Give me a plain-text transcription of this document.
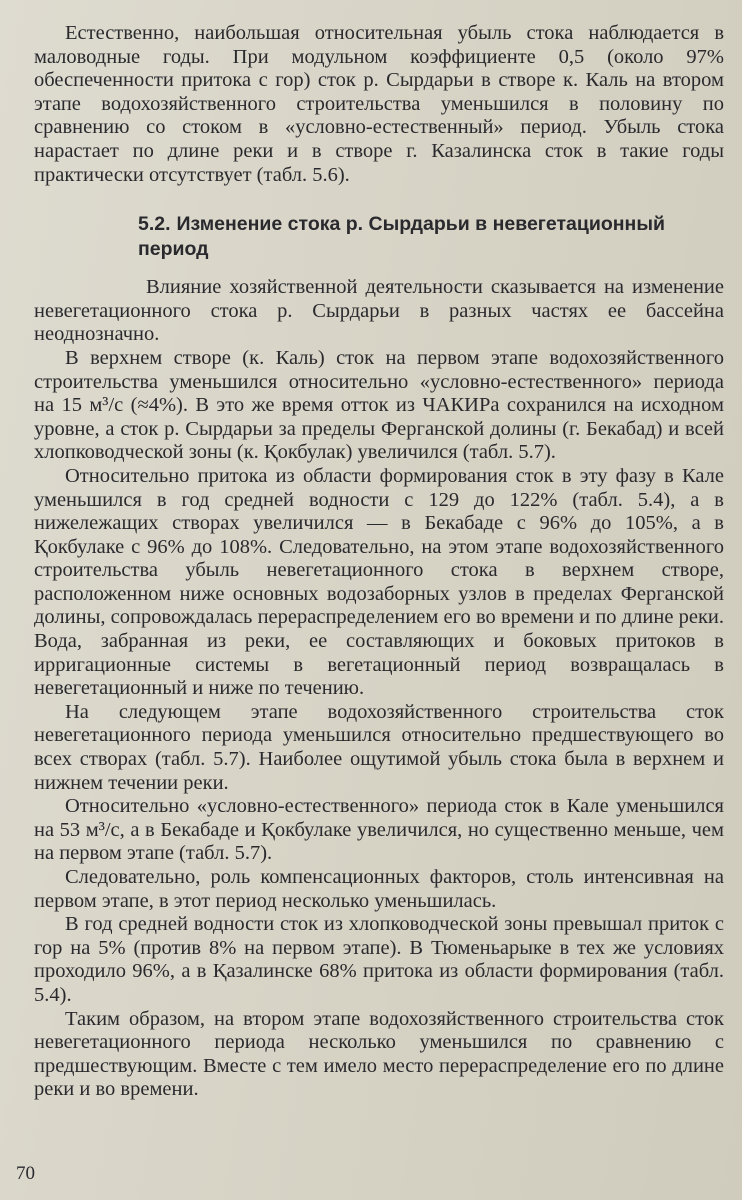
Естественно, наибольшая относительная убыль стока наблюдается в маловодные годы. При модульном коэффициенте 0,5 (около 97% обеспеченности притока с гор) сток р. Сырдарьи в створе к. Каль на втором этапе водохозяйственного строительства уменьшился в половину по сравнению со стоком в «условно-естественный» период. Убыль стока нарастает по длине реки и в створе г. Казалинска сток в такие годы практически отсутствует (табл. 5.6).

5.2. Изменение стока р. Сырдарьи в невегетационный период

Влияние хозяйственной деятельности сказывается на изменение невегетационного стока р. Сырдарьи в разных частях ее бассейна неоднозначно.

В верхнем створе (к. Каль) сток на первом этапе водохозяйственного строительства уменьшился относительно «условно-естественного» периода на 15 м³/с (≈4%). В это же время отток из ЧАКИРа сохранился на исходном уровне, а сток р. Сырдарьи за пределы Ферганской долины (г. Бекабад) и всей хлопководческой зоны (к. Қокбулак) увеличился (табл. 5.7).

Относительно притока из области формирования сток в эту фазу в Кале уменьшился в год средней водности с 129 до 122% (табл. 5.4), а в нижележащих створах увеличился — в Бекабаде с 96% до 105%, а в Қокбулаке с 96% до 108%. Следовательно, на этом этапе водохозяйственного строительства убыль невегетационного стока в верхнем створе, расположенном ниже основных водозаборных узлов в пределах Ферганской долины, сопровождалась перераспределением его во времени и по длине реки. Вода, забранная из реки, ее составляющих и боковых притоков в ирригационные системы в вегетационный период возвращалась в невегетационный и ниже по течению.

На следующем этапе водохозяйственного строительства сток невегетационного периода уменьшился относительно предшествующего во всех створах (табл. 5.7). Наиболее ощутимой убыль стока была в верхнем и нижнем течении реки.

Относительно «условно-естественного» периода сток в Кале уменьшился на 53 м³/с, а в Бекабаде и Қокбулаке увеличился, но существенно меньше, чем на первом этапе (табл. 5.7).

Следовательно, роль компенсационных факторов, столь интенсивная на первом этапе, в этот период несколько уменьшилась.

В год средней водности сток из хлопководческой зоны превышал приток с гор на 5% (против 8% на первом этапе). В Тюменьарыке в тех же условиях проходило 96%, а в Қазалинске 68% притока из области формирования (табл. 5.4).

Таким образом, на втором этапе водохозяйственного строительства сток невегетационного периода несколько уменьшился по сравнению с предшествующим. Вместе с тем имело место перераспределение его по длине реки и во времени.

70
